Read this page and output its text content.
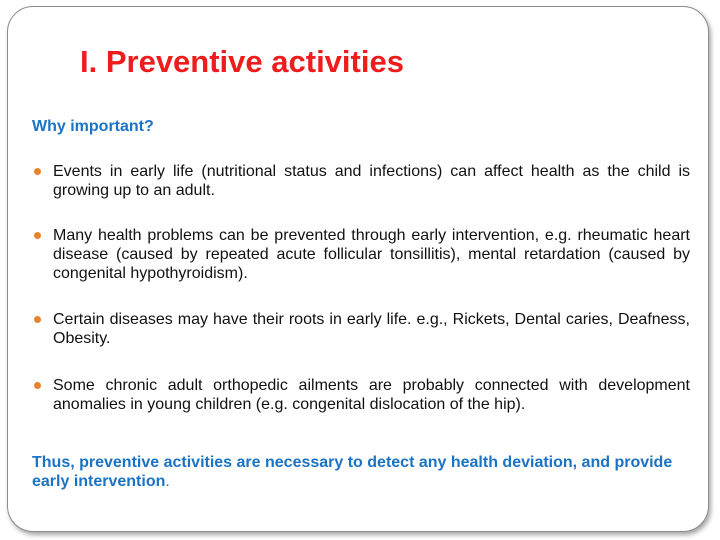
I. Preventive activities
Why important?
Events in early life (nutritional status and infections) can affect health as the child is growing up to an adult.
Many health problems can be prevented through early intervention, e.g. rheumatic heart disease (caused by repeated acute follicular tonsillitis), mental retardation (caused by congenital hypothyroidism).
Certain diseases may have their roots in early life. e.g., Rickets, Dental caries, Deafness, Obesity.
Some chronic adult orthopedic ailments are probably connected with development anomalies in young children (e.g. congenital dislocation of the hip).

Thus, preventive activities are necessary to detect any health deviation, and provide early intervention.
